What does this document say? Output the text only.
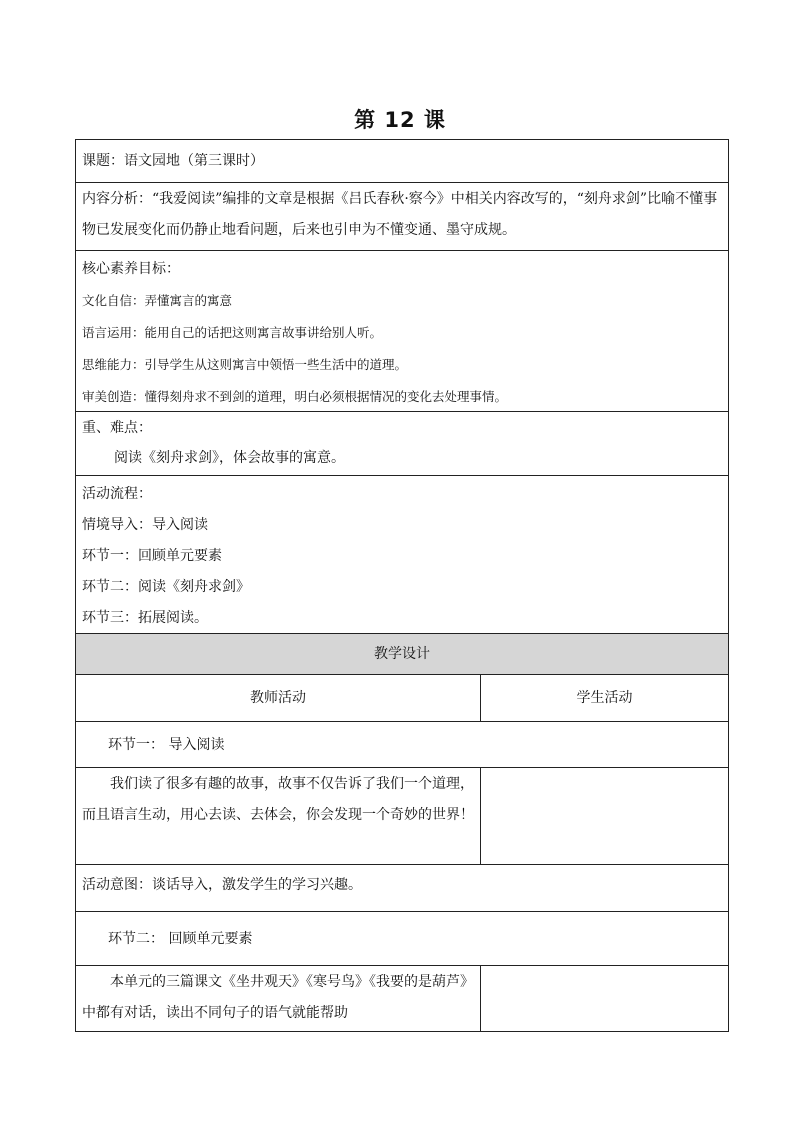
第 12 课
课题：语文园地（第三课时）	
内容分析：“我爱阅读”编排的文章是根据《吕氏春秋·察今》中相关内容改写的，“刻舟求剑”比喻不懂事物已发展变化而仍静止地看问题，后来也引申为不懂变通、墨守成规。	

核心素养目标：
文化自信：弄懂寓言的寓意
语言运用：能用自己的话把这则寓言故事讲给别人听。
思维能力：引导学生从这则寓言中领悟一些生活中的道理。
审美创造：懂得刻舟求不到剑的道理，明白必须根据情况的变化去处理事情。	

重、难点：
阅读《刻舟求剑》，体会故事的寓意。	

活动流程：
情境导入：导入阅读
环节一：回顾单元要素
环节二：阅读《刻舟求剑》
环节三：拓展阅读。	

教学设计	
教师活动	学生活动
环节一： 导入阅读	
我们读了很多有趣的故事，故事不仅告诉了我们一个道理，而且语言生动，用心去读、去体会，你会发现一个奇妙的世界！	
活动意图：谈话导入，激发学生的学习兴趣。	
环节二： 回顾单元要素	
本单元的三篇课文《坐井观天》《寒号鸟》《我要的是葫芦》中都有对话，读出不同句子的语气就能帮助	
